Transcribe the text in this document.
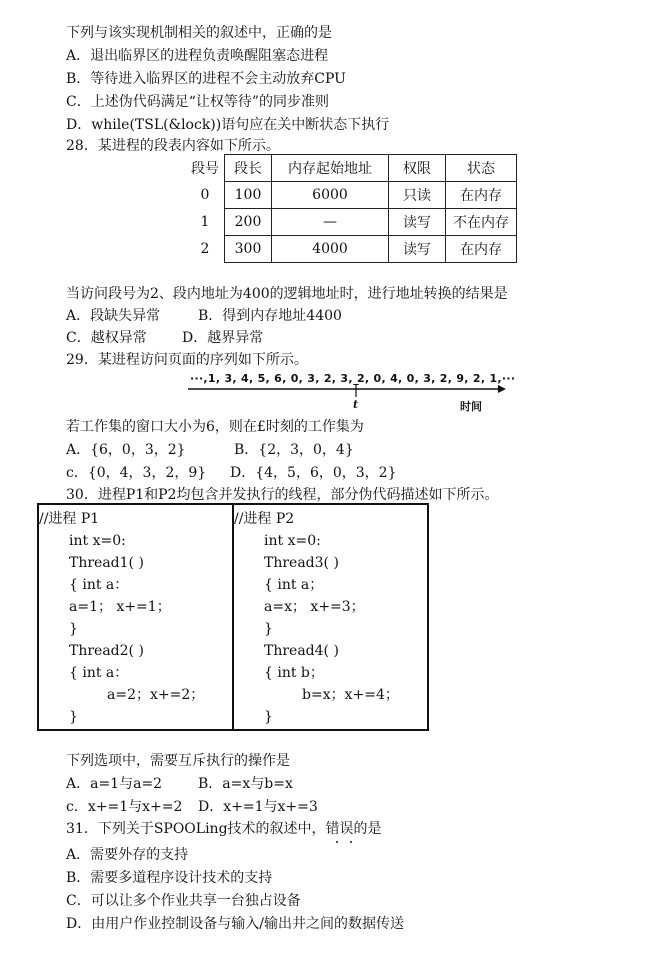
下列与该实现机制相关的叙述中，正确的是
A．退出临界区的进程负责唤醒阻塞态进程
B．等待进入临界区的进程不会主动放弃CPU
C．上述伪代码满足“让权等待”的同步准则
D．while(TSL(&lock))语句应在关中断状态下执行
28．某进程的段表内容如下所示。
段号	段长	内存起始地址	权限	状态
0	100	6000	只读	在内存
1	200	—	读写	不在内存
2	300	4000	读写	在内存
当访问段号为2、段内地址为400的逻辑地址时，进行地址转换的结果是
A．段缺失异常	B．得到内存地址4400
C．越权异常	D．越界异常
29．某进程访问页面的序列如下所示。
···,1, 3, 4, 5, 6, 0, 3, 2, 3, 2, 0, 4, 0, 3, 2, 9, 2, 1,···
t	时间
若工作集的窗口大小为6，则在£时刻的工作集为
A．{6，0，3，2}	B．{2，3，0，4}
c．{0，4，3，2，9} D．{4，5，6，0，3，2}
30．进程P1和P2均包含并发执行的线程，部分伪代码描述如下所示。
//进程 P1
int x=0:
Thread1( )
{ int a：
a=1； x+=1；
}
Thread2( )
{ int a：
a=2；x+=2；
}
//进程 P2
int x=0:
Thread3( )
{ int a；
a=x； x+=3；
}
Thread4( )
{ int b；
b=x；x+=4；
}
下列选项中，需要互斥执行的操作是
A．a=1与a=2	B．a=x与b=x
c．x+=1与x+=2 D．x+=1与x+=3
31．下列关于SPOOLing技术的叙述中，错误的是
A．需要外存的支持
B．需要多道程序设计技术的支持
C．可以让多个作业共享一台独占设备
D．由用户作业控制设备与输入/输出井之间的数据传送
